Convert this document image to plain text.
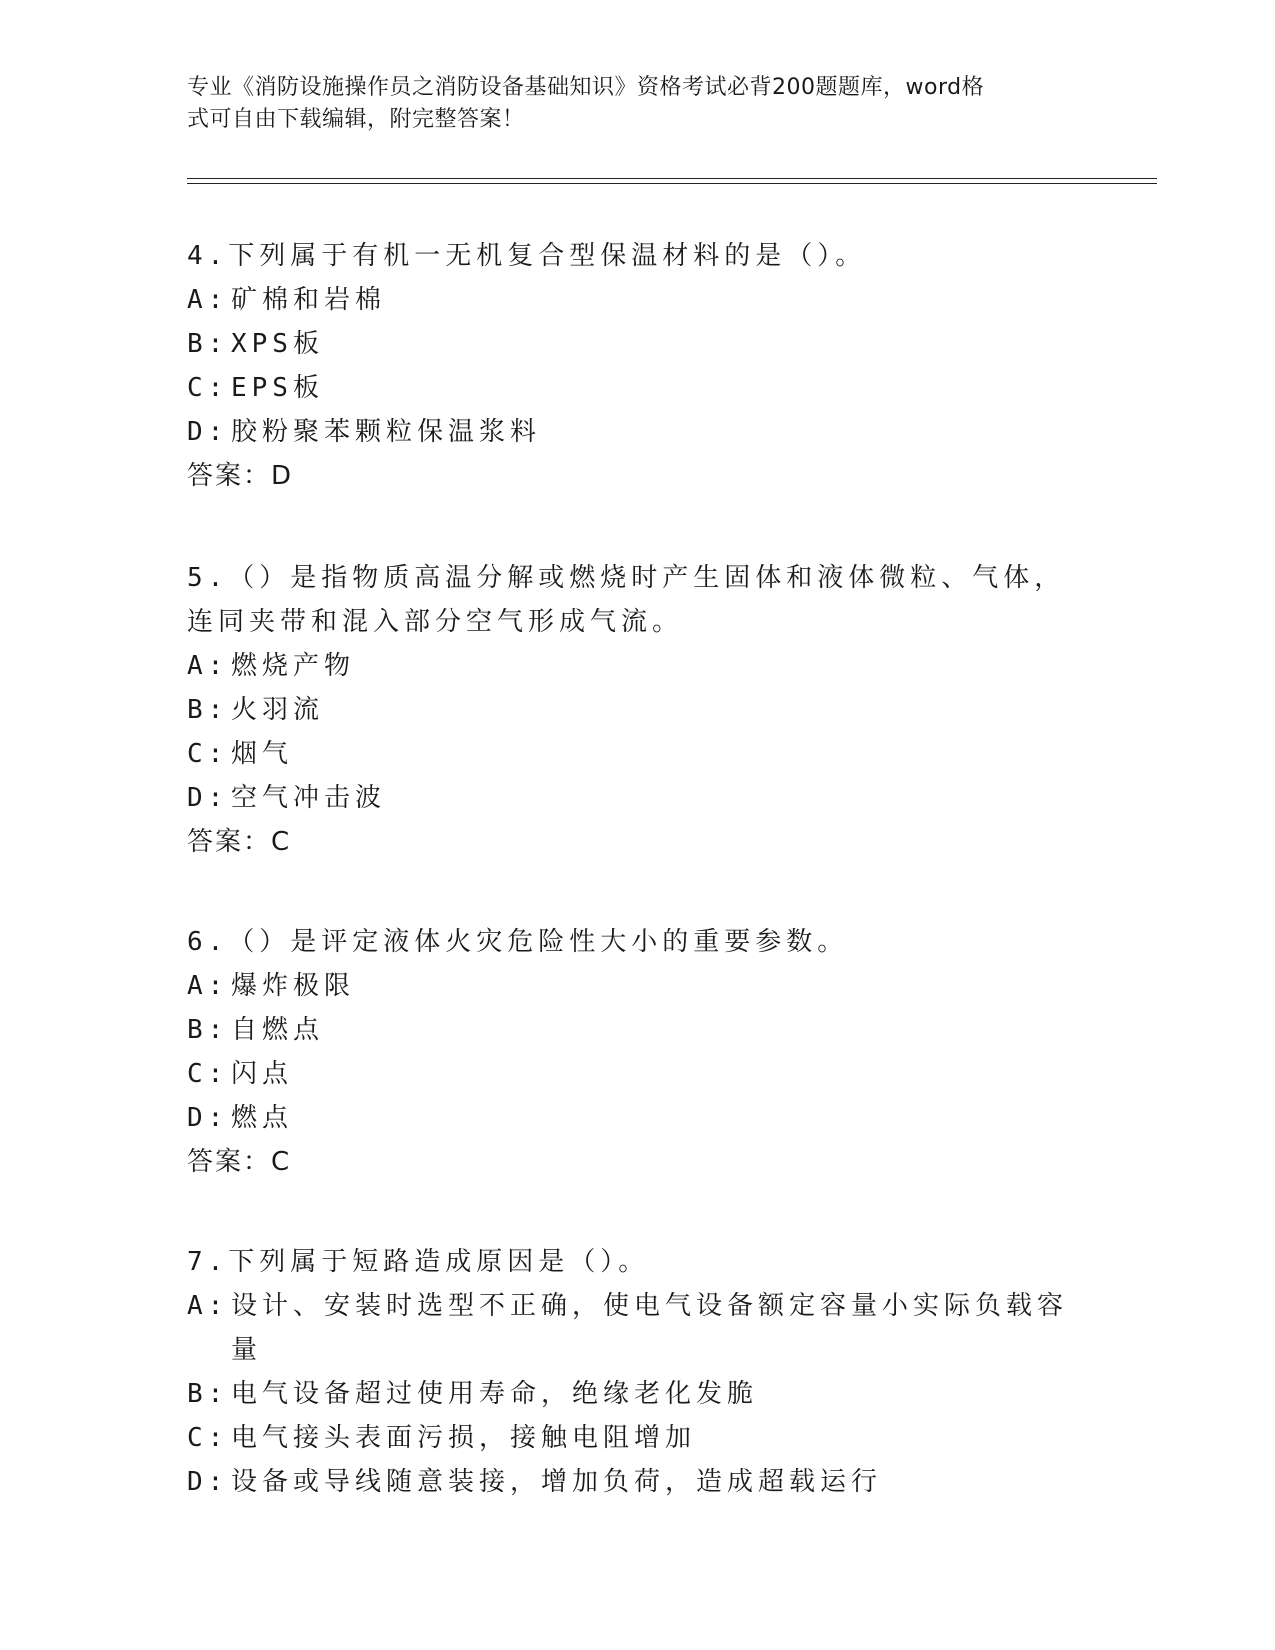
专业《消防设施操作员之消防设备基础知识》资格考试必背200题题库，word格
式可自由下载编辑，附完整答案！
4.下列属于有机一无机复合型保温材料的是（）。
A: 矿棉和岩棉
B: XPS板
C: EPS板
D: 胶粉聚苯颗粒保温浆料
答案：D
5.（）是指物质高温分解或燃烧时产生固体和液体微粒、气体，连同夹带和混入部分空气形成气流。
A: 燃烧产物
B: 火羽流
C: 烟气
D: 空气冲击波
答案：C
6.（）是评定液体火灾危险性大小的重要参数。
A: 爆炸极限
B: 自燃点
C: 闪点
D: 燃点
答案：C
7.下列属于短路造成原因是（）。
A: 设计、安装时选型不正确，使电气设备额定容量小实际负载容量
B: 电气设备超过使用寿命，绝缘老化发脆
C: 电气接头表面污损，接触电阻增加
D: 设备或导线随意装接，增加负荷，造成超载运行
